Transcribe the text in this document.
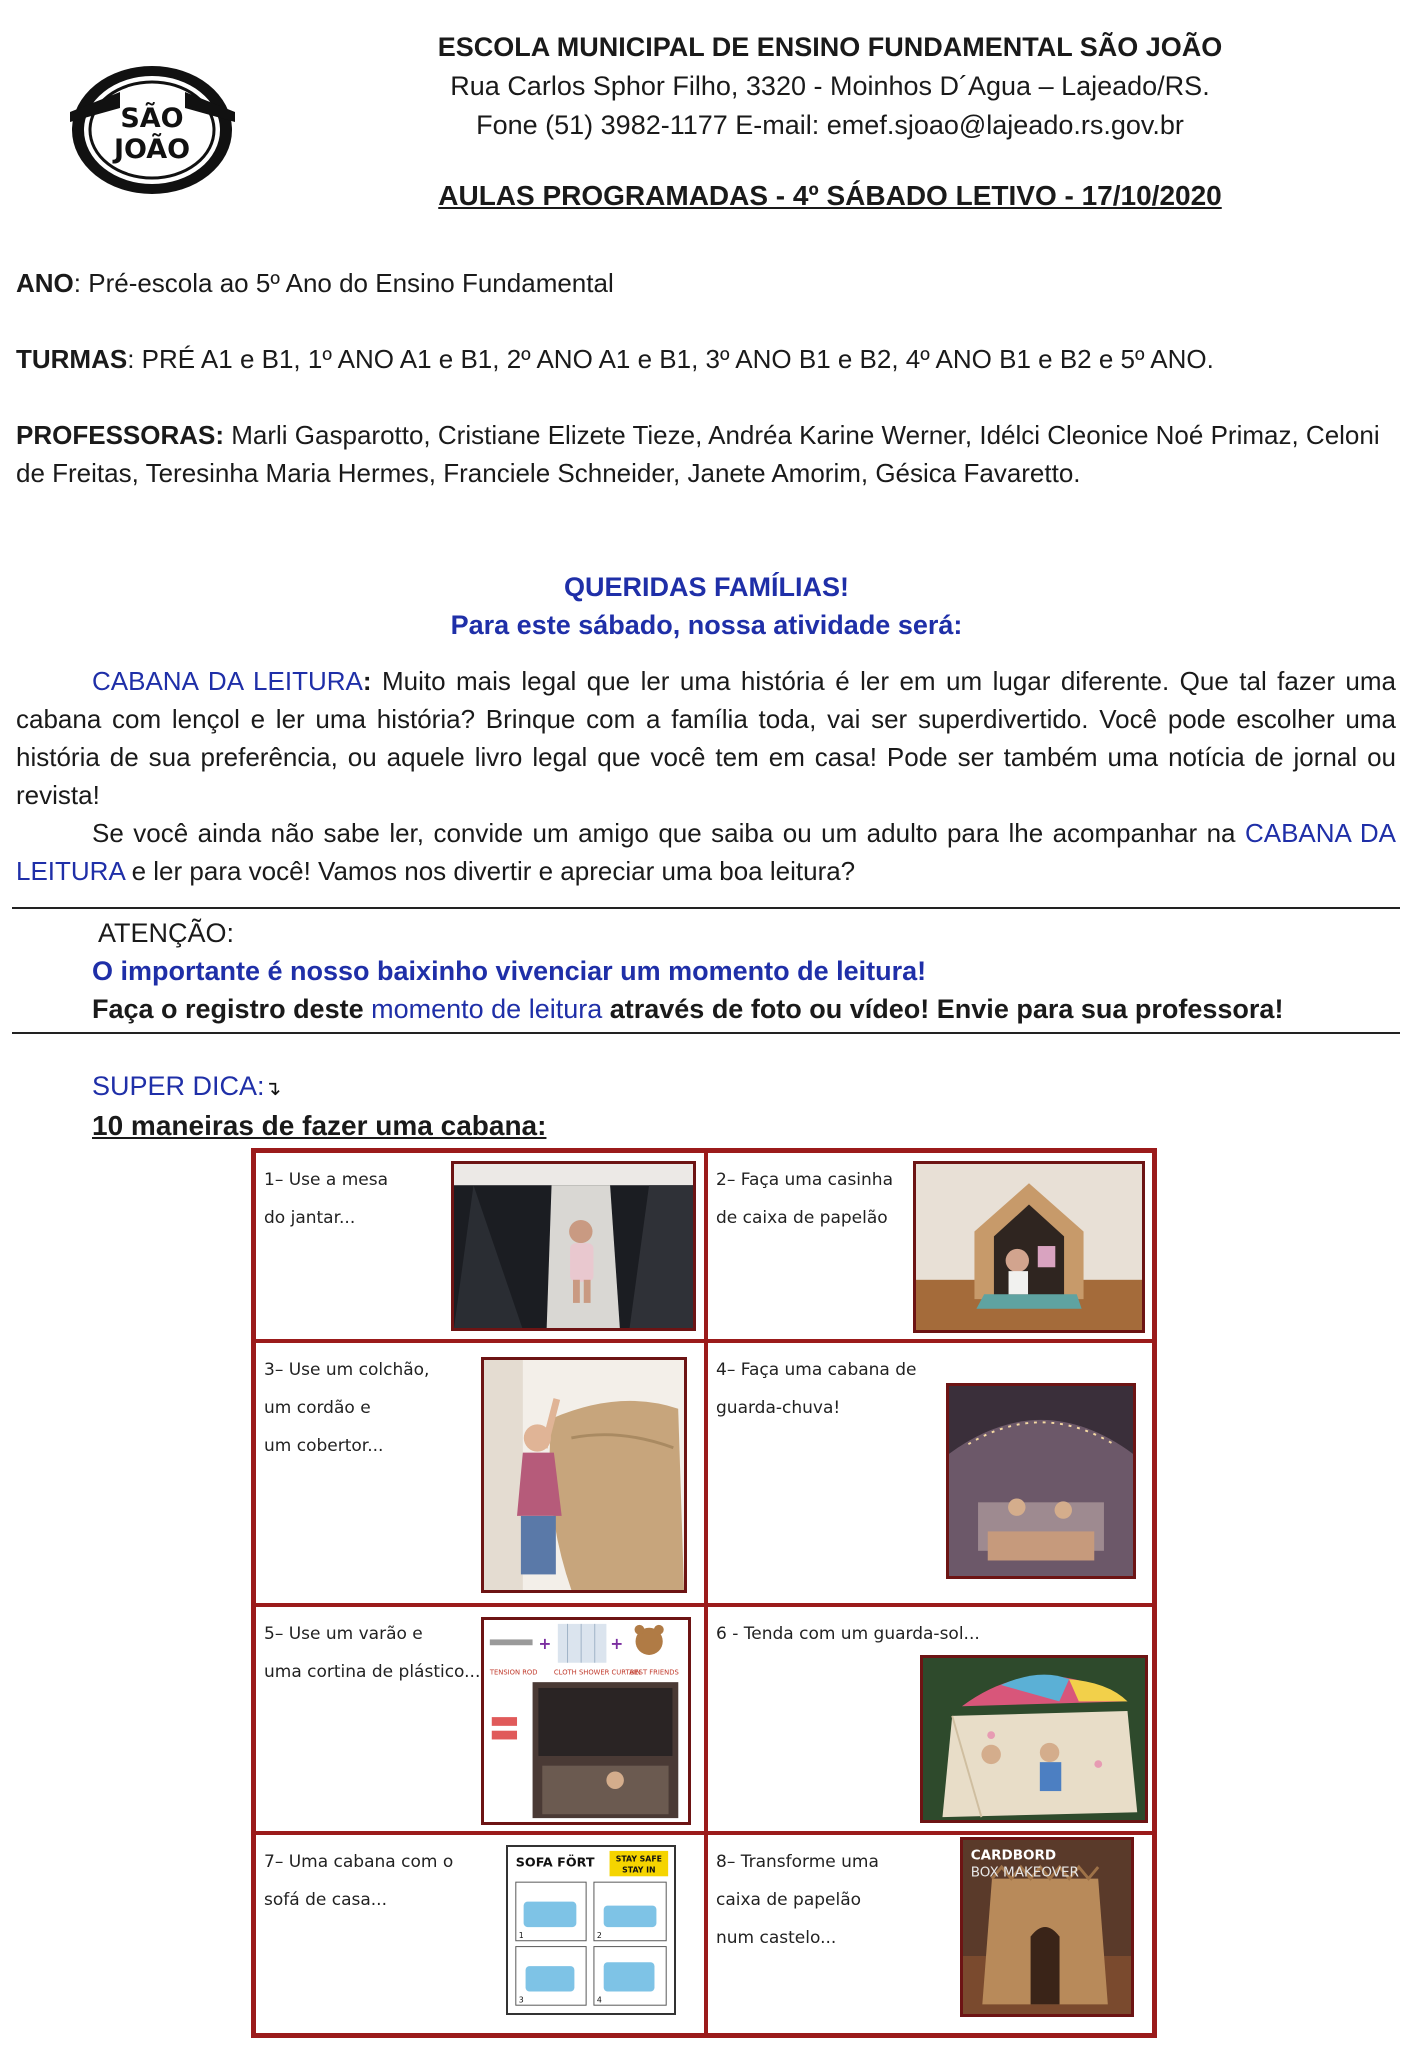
SÃO
JOÃO
ESCOLA MUNICIPAL DE ENSINO FUNDAMENTAL SÃO JOÃO
Rua Carlos Sphor Filho, 3320 - Moinhos D´Agua – Lajeado/RS.
Fone (51) 3982-1177 E-mail: emef.sjoao@lajeado.rs.gov.br
AULAS PROGRAMADAS - 4º SÁBADO LETIVO - 17/10/2020
ANO: Pré-escola ao 5º Ano do Ensino Fundamental
TURMAS: PRÉ A1 e B1, 1º ANO A1 e B1, 2º ANO A1 e B1, 3º ANO B1 e B2, 4º ANO B1 e B2 e 5º ANO.
PROFESSORAS: Marli Gasparotto, Cristiane Elizete Tieze, Andréa Karine Werner, Idélci Cleonice Noé Primaz, Celoni de Freitas, Teresinha Maria Hermes, Franciele Schneider, Janete Amorim, Gésica Favaretto.
QUERIDAS FAMÍLIAS!
Para este sábado, nossa atividade será:
CABANA DA LEITURA: Muito mais legal que ler uma história é ler em um lugar diferente. Que tal fazer uma cabana com lençol e ler uma história? Brinque com a família toda, vai ser superdivertido. Você pode escolher uma história de sua preferência, ou aquele livro legal que você tem em casa! Pode ser também uma notícia de jornal ou revista!
Se você ainda não sabe ler, convide um amigo que saiba ou um adulto para lhe acompanhar na CABANA DA LEITURA e ler para você! Vamos nos divertir e apreciar uma boa leitura?
ATENÇÃO:
O importante é nosso baixinho vivenciar um momento de leitura!
Faça o registro deste momento de leitura através de foto ou vídeo! Envie para sua professora!
SUPER DICA:↴
10 maneiras de fazer uma cabana:
1– Use a mesa
do jantar...
2– Faça uma casinha
de caixa de papelão
3– Use um colchão,
um cordão e
um cobertor...
4– Faça uma cabana de
guarda-chuva!
5– Use um varão e
uma cortina de plástico...
+	+
TENSION ROD CLOTH SHOWER CURTAIN
BEST FRIENDS
6 - Tenda com um guarda-sol...
7– Uma cabana com o
sofá de casa...
SOFA FÖRT	STAY SAFE
STAY IN
1	2
3	4
8– Transforme uma
caixa de papelão
num castelo...
CARDBORD
BOX MAKEOVER
